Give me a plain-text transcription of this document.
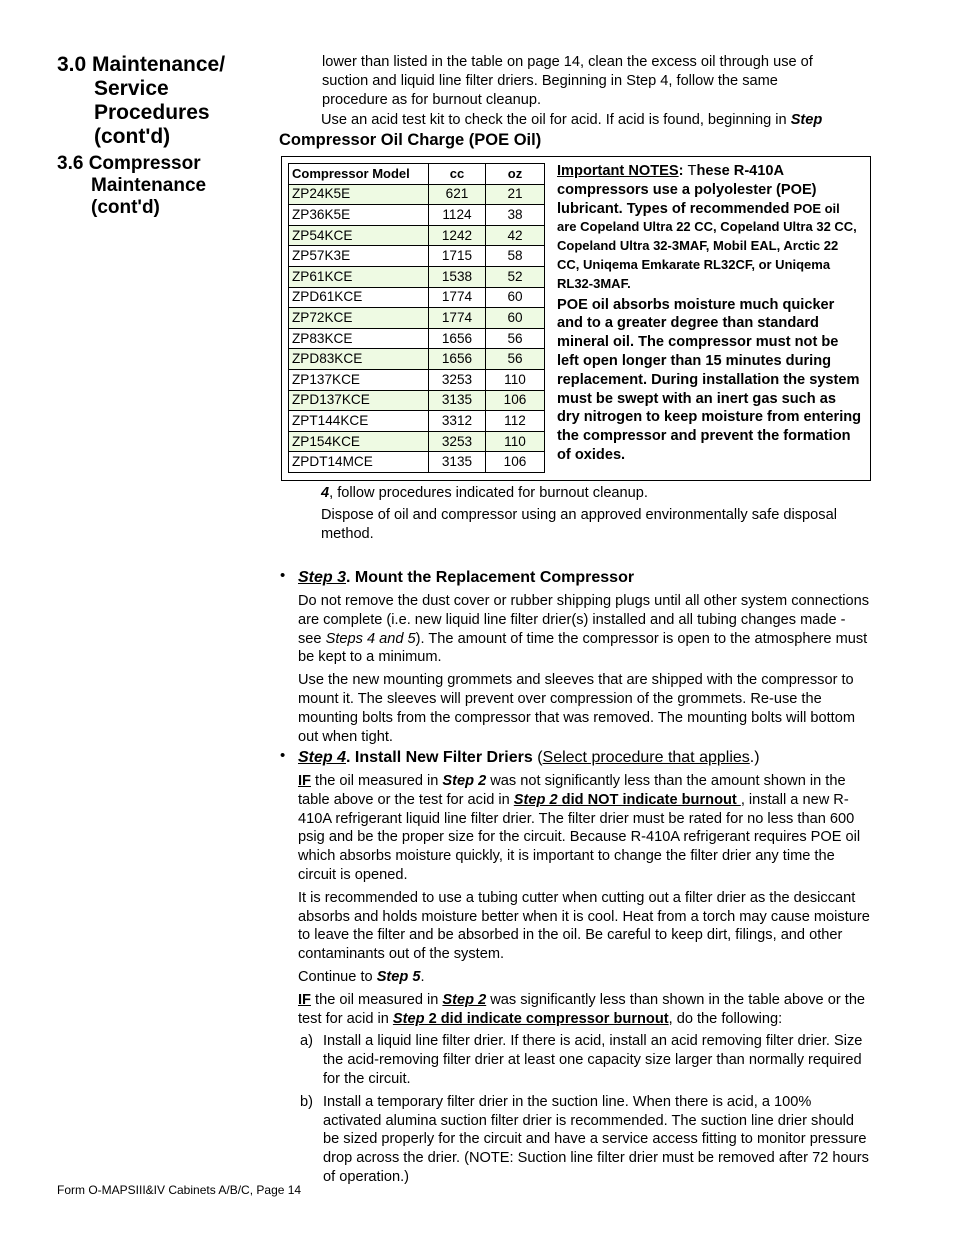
3.0 Maintenance/
Service
Procedures
(cont'd)
3.6 Compressor
Maintenance
(cont'd)
lower than listed in the table on page 14, clean the excess oil through use of suction and liquid line filter driers. Beginning in Step 4, follow the same procedure as for burnout cleanup.
Use an acid test kit to check the oil for acid. If acid is found, beginning in Step
Compressor Oil Charge (POE Oil)
Compressor Model	cc	oz
ZP24K5E	621	21
ZP36K5E	1124	38
ZP54KCE	1242	42
ZP57K3E	1715	58
ZP61KCE	1538	52
ZPD61KCE	1774	60
ZP72KCE	1774	60
ZP83KCE	1656	56
ZPD83KCE	1656	56
ZP137KCE	3253	110
ZPD137KCE	3135	106
ZPT144KCE	3312	112
ZP154KCE	3253	110
ZPDT14MCE	3135	106
Important NOTES: These R-410A compressors use a polyolester (POE) lubricant. Types of recommended POE oil are Copeland Ultra 22 CC, Copeland Ultra 32 CC, Copeland Ultra 32-3MAF, Mobil EAL, Arctic 22 CC, Uniqema Emkarate RL32CF, or Uniqema RL32-3MAF.
POE oil absorbs moisture much quicker and to a greater degree than standard mineral oil. The compressor must not be left open longer than 15 minutes during replacement. During installation the system must be swept with an inert gas such as dry nitrogen to keep moisture from entering the compressor and prevent the formation of oxides.
4, follow procedures indicated for burnout cleanup.
Dispose of oil and compressor using an approved environmentally safe disposal method.
• Step 3. Mount the Replacement Compressor

Do not remove the dust cover or rubber shipping plugs until all other system connections are complete (i.e. new liquid line filter drier(s) installed and all tubing changes made - see Steps 4 and 5). The amount of time the compressor is open to the atmosphere must be kept to a minimum.

Use the new mounting grommets and sleeves that are shipped with the compressor to mount it. The sleeves will prevent over compression of the grommets. Re-use the mounting bolts from the compressor that was removed. The mounting bolts will bottom out when tight.

• Step 4. Install New Filter Driers (Select procedure that applies.)

IF the oil measured in Step 2 was not significantly less than the amount shown in the table above or the test for acid in Step 2 did NOT indicate burnout , install a new R-410A refrigerant liquid line filter drier. The filter drier must be rated for no less than 600 psig and be the proper size for the circuit. Because R-410A refrigerant requires POE oil which absorbs moisture quickly, it is important to change the filter drier any time the circuit is opened.

It is recommended to use a tubing cutter when cutting out a filter drier as the desiccant absorbs and holds moisture better when it is cool. Heat from a torch may cause moisture to leave the filter and be absorbed in the oil. Be careful to keep dirt, filings, and other contaminants out of the system.

Continue to Step 5.

IF the oil measured in Step 2 was significantly less than shown in the table above or the test for acid in Step 2 did indicate compressor burnout, do the following:

a) Install a liquid line filter drier. If there is acid, install an acid removing filter drier. Size the acid-removing filter drier at least one capacity size larger than normally required for the circuit.
b) Install a temporary filter drier in the suction line. When there is acid, a 100% activated alumina suction filter drier is recommended. The suction line drier should be sized properly for the circuit and have a service access fitting to monitor pressure drop across the drier. (NOTE: Suction line filter drier must be removed after 72 hours of operation.)
Form O-MAPSIII&IV Cabinets A/B/C, Page 14
